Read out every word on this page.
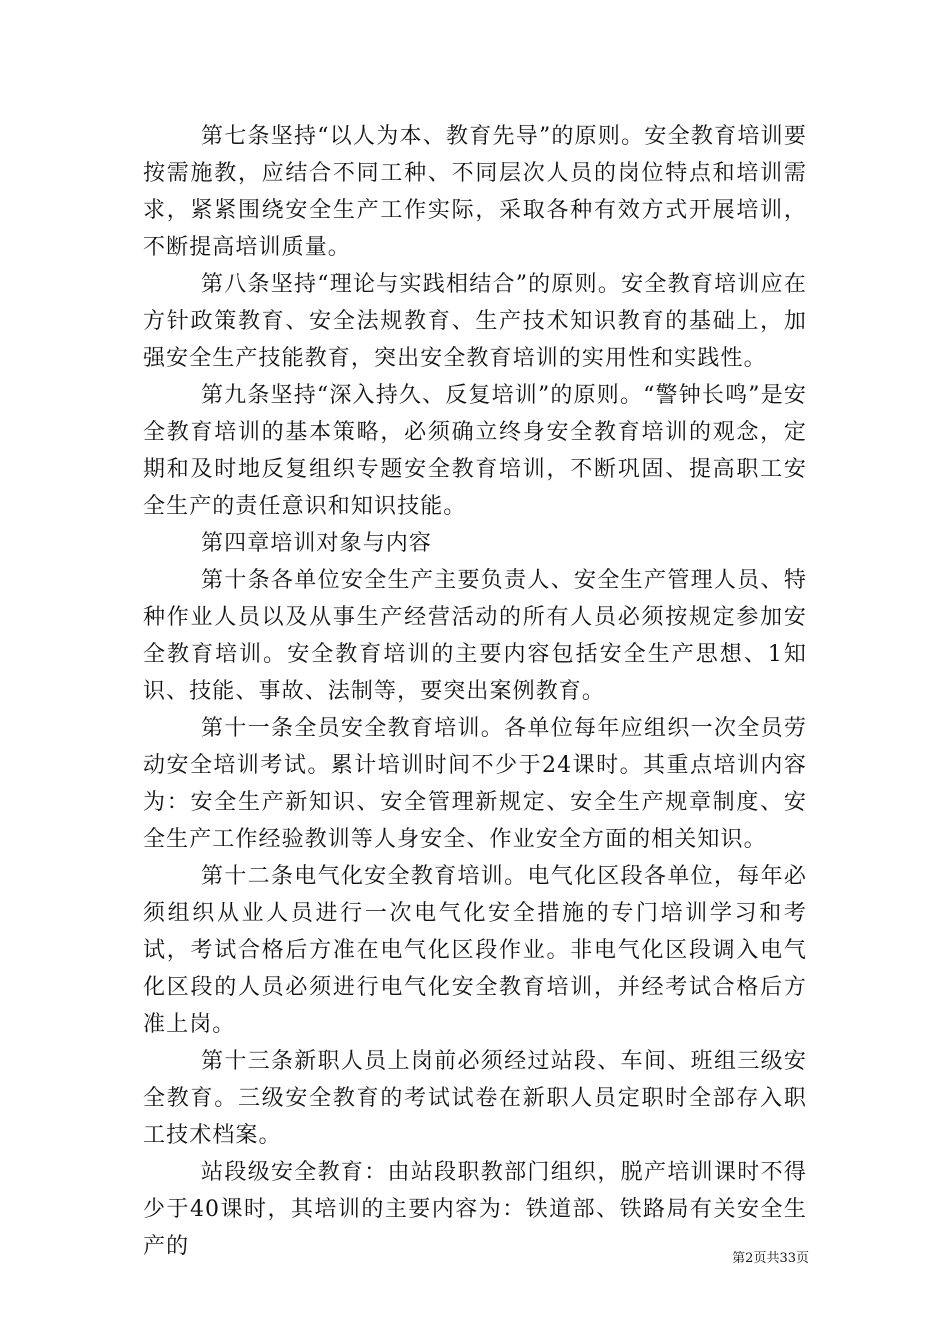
第七条坚持“以人为本、教育先导”的原则。安全教育培训要按需施教，应结合不同工种、不同层次人员的岗位特点和培训需求，紧紧围绕安全生产工作实际，采取各种有效方式开展培训，不断提高培训质量。

第八条坚持“理论与实践相结合”的原则。安全教育培训应在方针政策教育、安全法规教育、生产技术知识教育的基础上，加强安全生产技能教育，突出安全教育培训的实用性和实践性。

第九条坚持“深入持久、反复培训”的原则。“警钟长鸣”是安全教育培训的基本策略，必须确立终身安全教育培训的观念，定期和及时地反复组织专题安全教育培训，不断巩固、提高职工安全生产的责任意识和知识技能。

第四章培训对象与内容

第十条各单位安全生产主要负责人、安全生产管理人员、特种作业人员以及从事生产经营活动的所有人员必须按规定参加安全教育培训。安全教育培训的主要内容包括安全生产思想、1知识、技能、事故、法制等，要突出案例教育。

第十一条全员安全教育培训。各单位每年应组织一次全员劳动安全培训考试。累计培训时间不少于24课时。其重点培训内容为：安全生产新知识、安全管理新规定、安全生产规章制度、安全生产工作经验教训等人身安全、作业安全方面的相关知识。

第十二条电气化安全教育培训。电气化区段各单位，每年必须组织从业人员进行一次电气化安全措施的专门培训学习和考试，考试合格后方准在电气化区段作业。非电气化区段调入电气化区段的人员必须进行电气化安全教育培训，并经考试合格后方准上岗。

第十三条新职人员上岗前必须经过站段、车间、班组三级安全教育。三级安全教育的考试试卷在新职人员定职时全部存入职工技术档案。

站段级安全教育：由站段职教部门组织，脱产培训课时不得少于40课时，其培训的主要内容为：铁道部、铁路局有关安全生产的	第2页共33页
